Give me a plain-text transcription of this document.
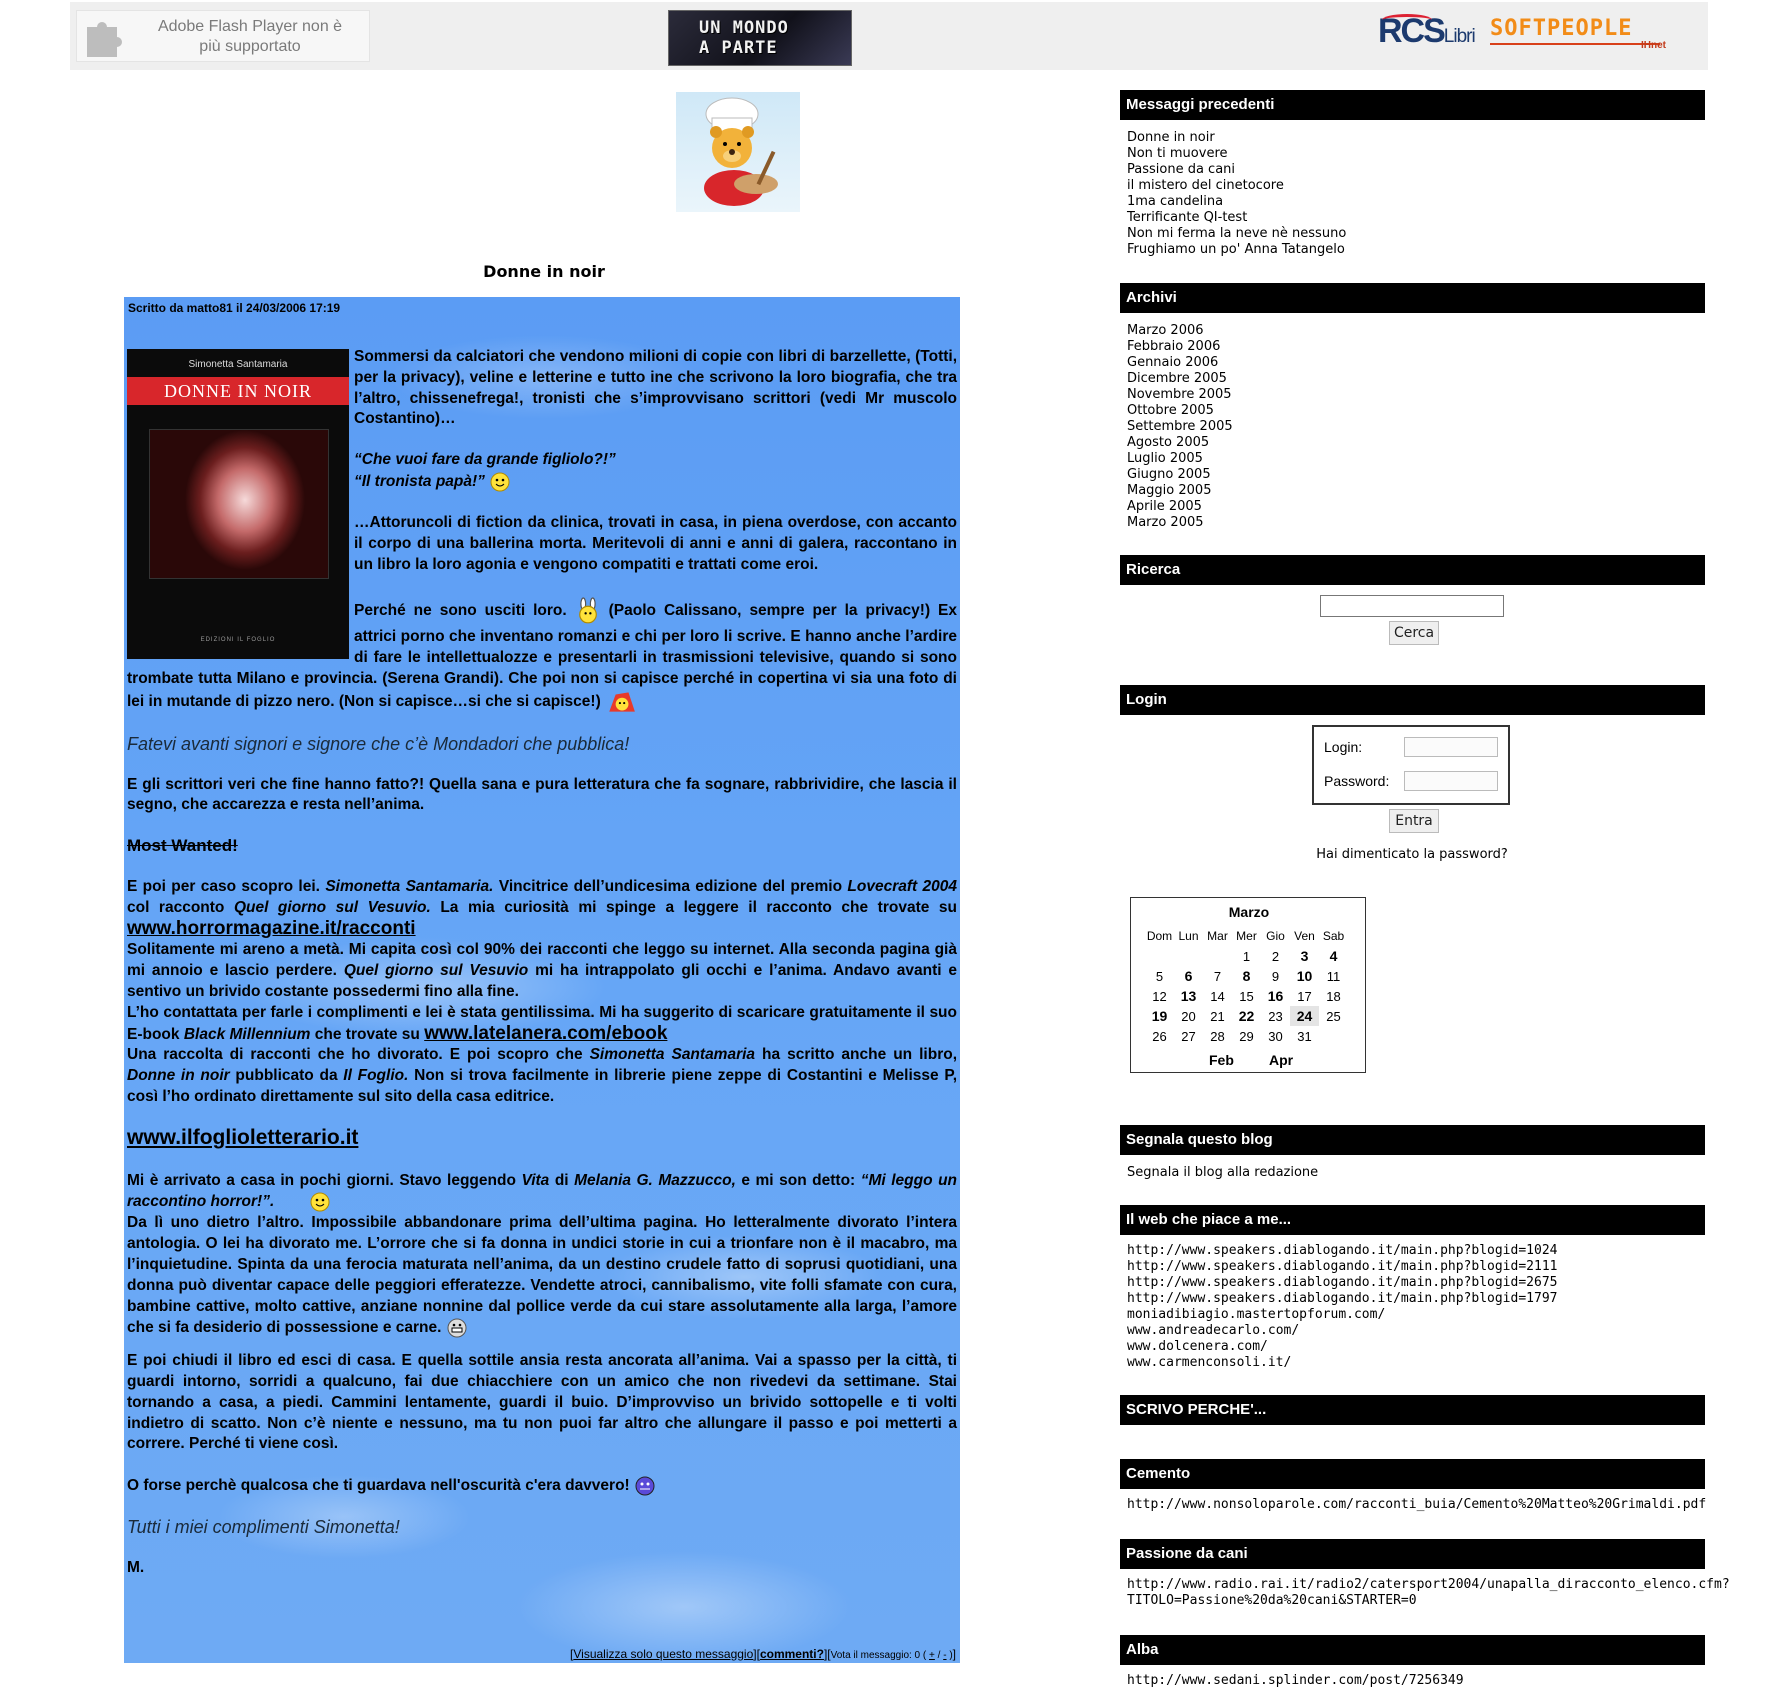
Adobe Flash Player non è
più supportato
UN MONDO
A PARTE	RCSLibri SOFTPEOPLE
IHnet
Donne in noir
Scritto da matto81 il 24/03/2006 17:19
Simonetta Santamaria
DONNE IN NOIR
EDIZIONI IL FOGLIO

Sommersi da calciatori che vendono milioni di copie con libri di barzellette, (Totti, per la privacy), veline e letterine e tutto ine che scrivono la loro biografia, che tra l’altro, chissenefrega!, tronisti che s’improvvisano scrittori (vedi Mr muscolo Costantino)…

“Che vuoi fare da grande figliolo?!”
“Il tronista papà!”

…Attoruncoli di fiction da clinica, trovati in casa, in piena overdose, con accanto il corpo di una ballerina morta. Meritevoli di anni e anni di galera, raccontano in un libro la loro agonia e vengono compatiti e trattati come eroi.

Perché ne sono usciti loro.	(Paolo Calissano, sempre per la privacy!) Ex attrici porno che inventano romanzi e chi per loro li scrive. E hanno anche l’ardire di fare le intellettualozze e presentarli in trasmissioni televisive, quando si sono trombate tutta Milano e provincia. (Serena Grandi). Che poi non si capisce perché in copertina vi sia una foto di lei in mutande di pizzo nero. (Non si capisce…si che si capisce!)

Fatevi avanti signori e signore che c’è Mondadori che pubblica!

E gli scrittori veri che fine hanno fatto?! Quella sana e pura letteratura che fa sognare, rabbrividire, che lascia il segno, che accarezza e resta nell’anima.

Most Wanted!

E poi per caso scopro lei. Simonetta Santamaria. Vincitrice dell’undicesima edizione del premio Lovecraft 2004 col racconto Quel giorno sul Vesuvio. La mia curiosità mi spinge a leggere il racconto che trovate su www.horrormagazine.it/racconti
Solitamente mi areno a metà. Mi capita così col 90% dei racconti che leggo su internet. Alla seconda pagina già mi annoio e lascio perdere. Quel giorno sul Vesuvio mi ha intrappolato gli occhi e l’anima. Andavo avanti e sentivo un brivido costante possedermi fino alla fine.
L’ho contattata per farle i complimenti e lei è stata gentilissima. Mi ha suggerito di scaricare gratuitamente il suo E-book Black Millennium che trovate su www.latelanera.com/ebook
Una raccolta di racconti che ho divorato. E poi scopro che Simonetta Santamaria ha scritto anche un libro, Donne in noir pubblicato da Il Foglio. Non si trova facilmente in librerie piene zeppe di Costantini e Melisse P, così l’ho ordinato direttamente sul sito della casa editrice.

www.ilfoglioletterario.it

Mi è arrivato a casa in pochi giorni. Stavo leggendo Vita di Melania G. Mazzucco, e mi son detto: “Mi leggo un raccontino horror!”.
Da lì uno dietro l’altro. Impossibile abbandonare prima dell’ultima pagina. Ho letteralmente divorato l’intera antologia. O lei ha divorato me. L’orrore che si fa donna in undici storie in cui a trionfare non è il macabro, ma l’inquietudine. Spinta da una ferocia maturata nell’anima, da un destino crudele fatto di soprusi quotidiani, una donna può diventar capace delle peggiori efferatezze. Vendette atroci, cannibalismo, vite folli sfamate con cura, bambine cattive, molto cattive, anziane nonnine dal pollice verde da cui stare assolutamente alla larga, l’amore che si fa desiderio di possessione e carne.

E poi chiudi il libro ed esci di casa. E quella sottile ansia resta ancorata all’anima. Vai a spasso per la città, ti guardi intorno, sorridi a qualcuno, fai due chiacchiere con un amico che non rivedevi da settimane. Stai tornando a casa, a piedi. Cammini lentamente, guardi il buio. D’improvviso un brivido sottopelle e ti volti indietro di scatto. Non c’è niente e nessuno, ma tu non puoi far altro che allungare il passo e poi metterti a correre. Perché ti viene così.

O forse perchè qualcosa che ti guardava nell'oscurità c'era davvero!

Tutti i miei complimenti Simonetta!

M.

[Visualizza solo questo messaggio][commenti?][Vota il messaggio: 0 ( + / - )]
Messaggi precedenti
Donne in noir
Non ti muovere
Passione da cani
il mistero del cinetocore
1ma candelina
Terrificante QI-test
Non mi ferma la neve nè nessuno
Frughiamo un po' Anna Tatangelo
Archivi
Marzo 2006
Febbraio 2006
Gennaio 2006
Dicembre 2005
Novembre 2005
Ottobre 2005
Settembre 2005
Agosto 2005
Luglio 2005
Giugno 2005
Maggio 2005
Aprile 2005
Marzo 2005
Ricerca
Cerca
Login
Login:
Password:
Entra
Hai dimenticato la password?
Marzo
Dom	Lun	Mar	Mer	Gio	Ven	Sab
			1	2	3	4
5	6	7	8	9	10	11
12	13	14	15	16	17	18
19	20	21	22	23	24	25
26	27	28	29	30	31	
Feb	Apr
Segnala questo blog
Segnala il blog alla redazione
Il web che piace a me...
http://www.speakers.diablogando.it/main.php?blogid=1024
http://www.speakers.diablogando.it/main.php?blogid=2111
http://www.speakers.diablogando.it/main.php?blogid=2675
http://www.speakers.diablogando.it/main.php?blogid=1797
moniadibiagio.mastertopforum.com/
www.andreadecarlo.com/
www.dolcenera.com/
www.carmenconsoli.it/
SCRIVO PERCHE'...
Cemento
http://www.nonsoloparole.com/racconti_buia/Cemento%20Matteo%20Grimaldi.pdf
Passione da cani
http://www.radio.rai.it/radio2/catersport2004/unapalla_diracconto_elenco.cfm?
TITOLO=Passione%20da%20cani&STARTER=0
Alba
http://www.sedani.splinder.com/post/7256349
